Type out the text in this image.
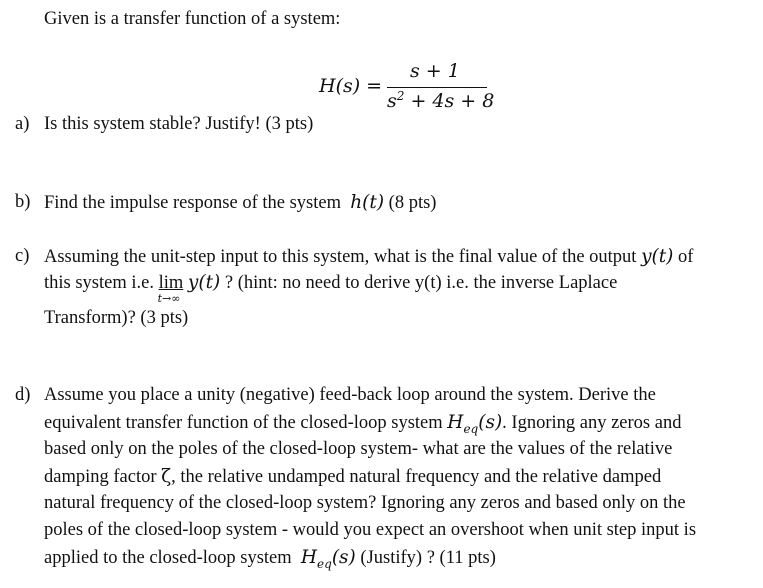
Given is a transfer function of a system:
H(s) =
s + 1
$s^2 + 4s + 8$
a) Is this system stable? Justify! (3 pts)
b) Find the impulse response of the system h(t) (8 pts)
c) Assuming the unit-step input to this system, what is the final value of the output y(t) of
this system i.e. lim
t→∞
y(t) ? (hint: no need to derive y(t) i.e. the inverse Laplace
Transform)? (3 pts)
d) Assume you place a unity (negative) feed-back loop around the system. Derive the
equivalent transfer function of the closed-loop system $H_{eq}(s)$. Ignoring any zeros and
based only on the poles of the closed-loop system- what are the values of the relative
damping factor ζ, the relative undamped natural frequency and the relative damped
natural frequency of the closed-loop system? Ignoring any zeros and based only on the
poles of the closed-loop system - would you expect an overshoot when unit step input is
applied to the closed-loop system $H_{eq}(s)$ (Justify) ? (11 pts)
